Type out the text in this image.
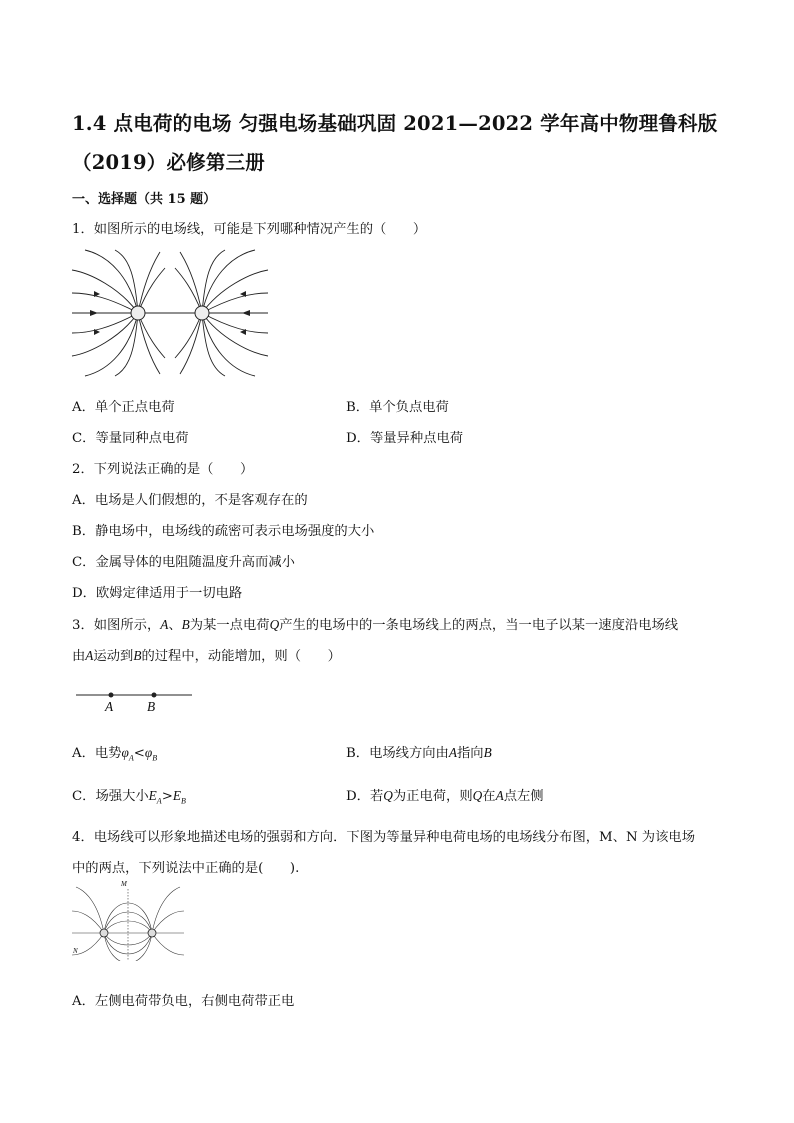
1.4 点电荷的电场 匀强电场基础巩固 2021—2022 学年高中物理鲁科版
（2019）必修第三册
一、选择题（共 15 题）
1．如图所示的电场线，可能是下列哪种情况产生的（　　）
A．单个正点电荷	B．单个负点电荷
C．等量同种点电荷	D．等量异种点电荷
2．下列说法正确的是（　　）
A．电场是人们假想的，不是客观存在的
B．静电场中，电场线的疏密可表示电场强度的大小
C．金属导体的电阻随温度升高而减小
D．欧姆定律适用于一切电路
3．如图所示，A、B为某一点电荷Q产生的电场中的一条电场线上的两点，当一电子以某一速度沿电场线
由A运动到B的过程中，动能增加，则（　　）
A	B
A．电势$\varphi_A<\varphi_B$	B．电场线方向由A指向B
C．场强大小$E_A>E_B$	D．若Q为正电荷，则Q在A点左侧
4．电场线可以形象地描述电场的强弱和方向．下图为等量异种电荷电场的电场线分布图，M、N 为该电场
中的两点，下列说法中正确的是(　　).
M
N
A．左侧电荷带负电，右侧电荷带正电
